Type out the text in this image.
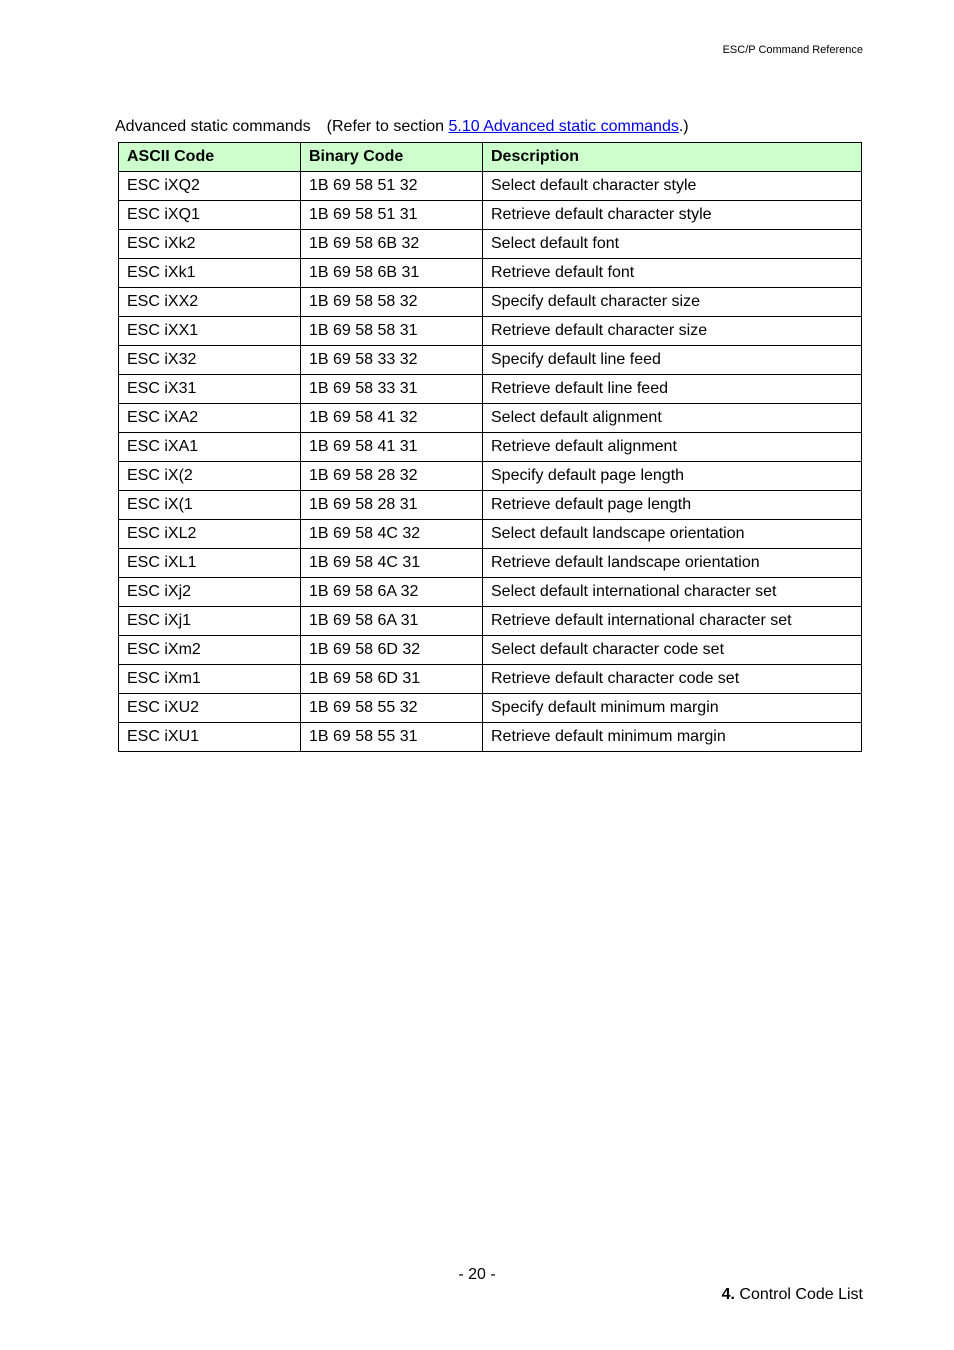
ESC/P Command Reference
Advanced static commands (Refer to section 5.10 Advanced static commands.)
ASCII Code	Binary Code	Description
ESC iXQ2	1B 69 58 51 32	Select default character style
ESC iXQ1	1B 69 58 51 31	Retrieve default character style
ESC iXk2	1B 69 58 6B 32	Select default font
ESC iXk1	1B 69 58 6B 31	Retrieve default font
ESC iXX2	1B 69 58 58 32	Specify default character size
ESC iXX1	1B 69 58 58 31	Retrieve default character size
ESC iX32	1B 69 58 33 32	Specify default line feed
ESC iX31	1B 69 58 33 31	Retrieve default line feed
ESC iXA2	1B 69 58 41 32	Select default alignment
ESC iXA1	1B 69 58 41 31	Retrieve default alignment
ESC iX(2	1B 69 58 28 32	Specify default page length
ESC iX(1	1B 69 58 28 31	Retrieve default page length
ESC iXL2	1B 69 58 4C 32	Select default landscape orientation
ESC iXL1	1B 69 58 4C 31	Retrieve default landscape orientation
ESC iXj2	1B 69 58 6A 32	Select default international character set
ESC iXj1	1B 69 58 6A 31	Retrieve default international character set
ESC iXm2	1B 69 58 6D 32	Select default character code set
ESC iXm1	1B 69 58 6D 31	Retrieve default character code set
ESC iXU2	1B 69 58 55 32	Specify default minimum margin
ESC iXU1	1B 69 58 55 31	Retrieve default minimum margin
- 20 -
4. Control Code List
